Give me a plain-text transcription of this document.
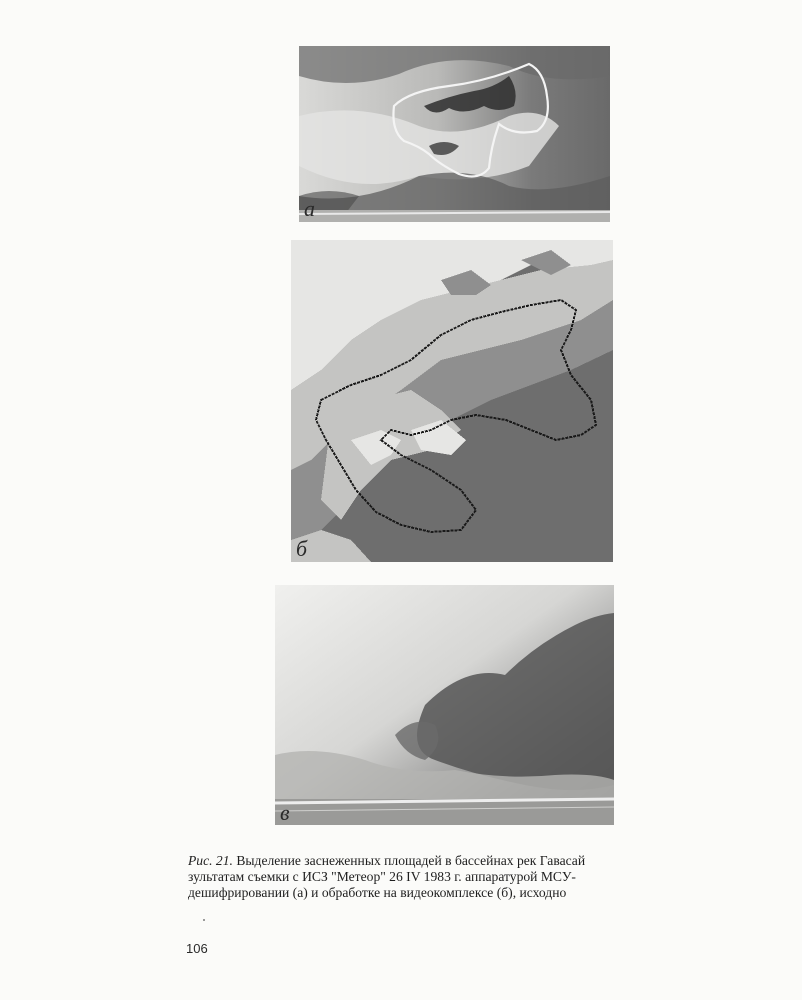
а
б
в
Рис. 21. Выделение заснеженных площадей в бассейнах рек Гавасай
зультатам съемки с ИСЗ "Метеор" 26 IV 1983 г. аппаратурой МСУ-
дешифрировании (а) и обработке на видеокомплексе (б), исходно
106
